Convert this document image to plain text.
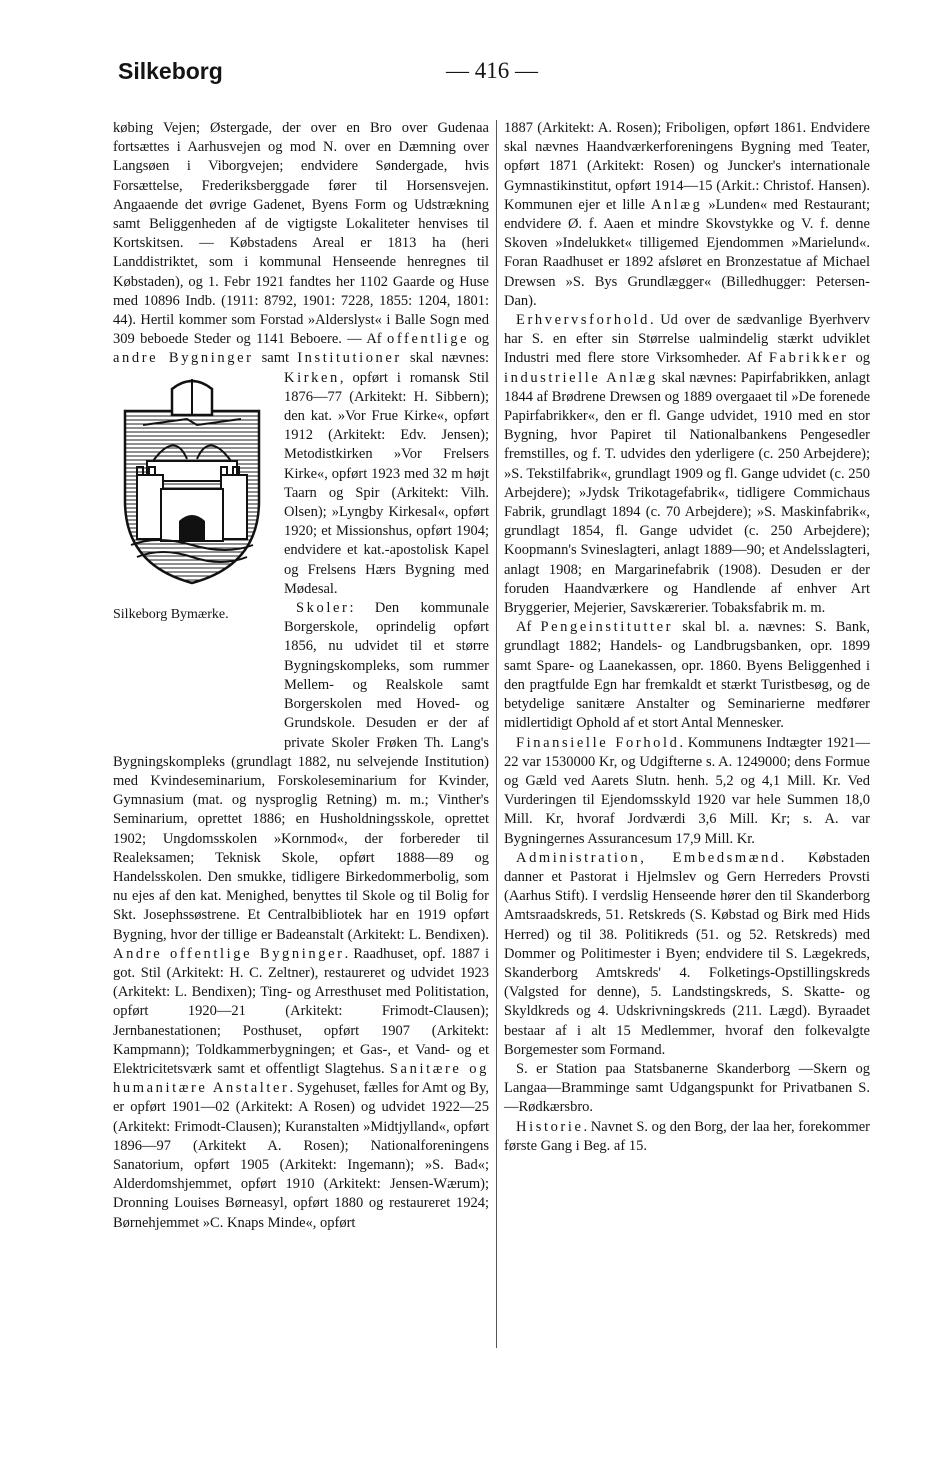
Silkeborg	— 416 —

købing Vejen; Østergade, der over en Bro over Gudenaa fortsættes i Aarhusvejen og mod N. over en Dæmning over Langsøen i Viborgvejen; endvidere Søndergade, hvis Forsættelse, Frederiksberggade fører til Horsensvejen. Angaaende det øvrige Gadenet, Byens Form og Udstrækning samt Beliggenheden af de vigtigste Lokaliteter henvises til Kortskitsen. — Købstadens Areal er 1813 ha (heri Landdistriktet, som i kommunal Henseende henregnes til Købstaden), og 1. Febr 1921 fandtes her 1102 Gaarde og Huse med 10896 Indb. (1911: 8792, 1901: 7228, 1855: 1204, 1801: 44). Hertil kommer som Forstad »Alderslyst« i Balle Sogn med 309 beboede Steder og 1141 Beboere. — Af offentlige og andre Bygninger samt Institutioner skal nævnes: Kirken
Silkeborg Bymærke.
, opført i romansk Stil 1876—77 (Arkitekt: H. Sibbern); den kat. »Vor Frue Kirke«, opført 1912 (Arkitekt: Edv. Jensen); Metodistkirken »Vor Frelsers Kirke«, opført 1923 med 32 m højt Taarn og Spir (Arkitekt: Vilh. Olsen); »Lyngby Kirkesal«, opført 1920; et Missionshus, opført 1904; endvidere et kat.-apostolisk Kapel og Frelsens Hærs Bygning med Mødesal.

Skoler: Den kommunale Borgerskole, oprindelig opført 1856, nu udvidet til et større Bygningskompleks, som rummer Mellem- og Realskole samt Borgerskolen med Hoved- og Grundskole. Desuden er der af private Skoler Frøken Th. Lang's Bygningskompleks (grundlagt 1882, nu selvejende Institution) med Kvindeseminarium, Forskoleseminarium for Kvinder, Gymnasium (mat. og nysproglig Retning) m. m.; Vinther's Seminarium, oprettet 1886; en Husholdningsskole, oprettet 1902; Ungdomsskolen »Kornmod«, der forbereder til Realeksamen; Teknisk Skole, opført 1888—89 og Handelsskolen. Den smukke, tidligere Birkedommerbolig, som nu ejes af den kat. Menighed, benyttes til Skole og til Bolig for Skt. Josephssøstrene. Et Centralbibliotek har en 1919 opført Bygning, hvor der tillige er Badeanstalt (Arkitekt: L. Bendixen). Andre offentlige Bygninger. Raadhuset, opf. 1887 i got. Stil (Arkitekt: H. C. Zeltner), restaureret og udvidet 1923 (Arkitekt: L. Bendixen); Ting- og Arresthuset med Politistation, opført 1920—21 (Arkitekt: Frimodt-Clausen); Jernbanestationen; Posthuset, opført 1907 (Arkitekt: Kampmann); Toldkammerbygningen; et Gas-, et Vand- og et Elektricitetsværk samt et offentligt Slagtehus. Sanitære og humanitære Anstalter. Sygehuset, fælles for Amt og By, er opført 1901—02 (Arkitekt: A Rosen) og udvidet 1922—25 (Arkitekt: Frimodt-Clausen); Kuranstalten »Midtjylland«, opført 1896—97 (Arkitekt A. Rosen); Nationalforeningens Sanatorium, opført 1905 (Arkitekt: Ingemann); »S. Bad«; Alderdomshjemmet, opført 1910 (Arkitekt: Jensen-Wærum); Dronning Louises Børneasyl, opført 1880 og restaureret 1924; Børnehjemmet »C. Knaps Minde«, opført

1887 (Arkitekt: A. Rosen); Friboligen, opført 1861. Endvidere skal nævnes Haandværkerforeningens Bygning med Teater, opført 1871 (Arkitekt: Rosen) og Juncker's internationale Gymnastikinstitut, opført 1914—15 (Arkit.: Christof. Hansen). Kommunen ejer et lille Anlæg »Lunden« med Restaurant; endvidere Ø. f. Aaen et mindre Skovstykke og V. f. denne Skoven »Indelukket« tilligemed Ejendommen »Marielund«. Foran Raadhuset er 1892 afsløret en Bronzestatue af Michael Drewsen »S. Bys Grundlægger« (Billedhugger: Petersen-Dan).

Erhvervsforhold. Ud over de sædvanlige Byerhverv har S. en efter sin Størrelse ualmindelig stærkt udviklet Industri med flere store Virksomheder. Af Fabrikker og industrielle Anlæg skal nævnes: Papirfabrikken, anlagt 1844 af Brødrene Drewsen og 1889 overgaaet til »De forenede Papirfabrikker«, den er fl. Gange udvidet, 1910 med en stor Bygning, hvor Papiret til Nationalbankens Pengesedler fremstilles, og f. T. udvides den yderligere (c. 250 Arbejdere); »S. Tekstilfabrik«, grundlagt 1909 og fl. Gange udvidet (c. 250 Arbejdere); »Jydsk Trikotagefabrik«, tidligere Commichaus Fabrik, grundlagt 1894 (c. 70 Arbejdere); »S. Maskinfabrik«, grundlagt 1854, fl. Gange udvidet (c. 250 Arbejdere); Koopmann's Svineslagteri, anlagt 1889—90; et Andelsslagteri, anlagt 1908; en Margarinefabrik (1908). Desuden er der foruden Haandværkere og Handlende af enhver Art Bryggerier, Mejerier, Savskærerier. Tobaksfabrik m. m.

Af Pengeinstitutter skal bl. a. nævnes: S. Bank, grundlagt 1882; Handels- og Landbrugsbanken, opr. 1899 samt Spare- og Laanekassen, opr. 1860. Byens Beliggenhed i den pragtfulde Egn har fremkaldt et stærkt Turistbesøg, og de betydelige sanitære Anstalter og Seminarierne medfører midlertidigt Ophold af et stort Antal Mennesker.

Finansielle Forhold. Kommunens Indtægter 1921—22 var 1530000 Kr, og Udgifterne s. A. 1249000; dens Formue og Gæld ved Aarets Slutn. henh. 5,2 og 4,1 Mill. Kr. Ved Vurderingen til Ejendomsskyld 1920 var hele Summen 18,0 Mill. Kr, hvoraf Jordværdi 3,6 Mill. Kr; s. A. var Bygningernes Assurancesum 17,9 Mill. Kr.

Administration, Embedsmænd. Købstaden danner et Pastorat i Hjelmslev og Gern Herreders Provsti (Aarhus Stift). I verdslig Henseende hører den til Skanderborg Amtsraadskreds, 51. Retskreds (S. Købstad og Birk med Hids Herred) og til 38. Politikreds (51. og 52. Retskreds) med Dommer og Politimester i Byen; endvidere til S. Lægekreds, Skanderborg Amtskreds' 4. Folketings-Opstillingskreds (Valgsted for denne), 5. Landstingskreds, S. Skatte- og Skyldkreds og 4. Udskrivningskreds (211. Lægd). Byraadet bestaar af i alt 15 Medlemmer, hvoraf den folkevalgte Borgemester som Formand.

S. er Station paa Statsbanerne Skanderborg —Skern og Langaa—Bramminge samt Udgangspunkt for Privatbanen S.—Rødkærsbro.

Historie. Navnet S. og den Borg, der laa her, forekommer første Gang i Beg. af 15.
